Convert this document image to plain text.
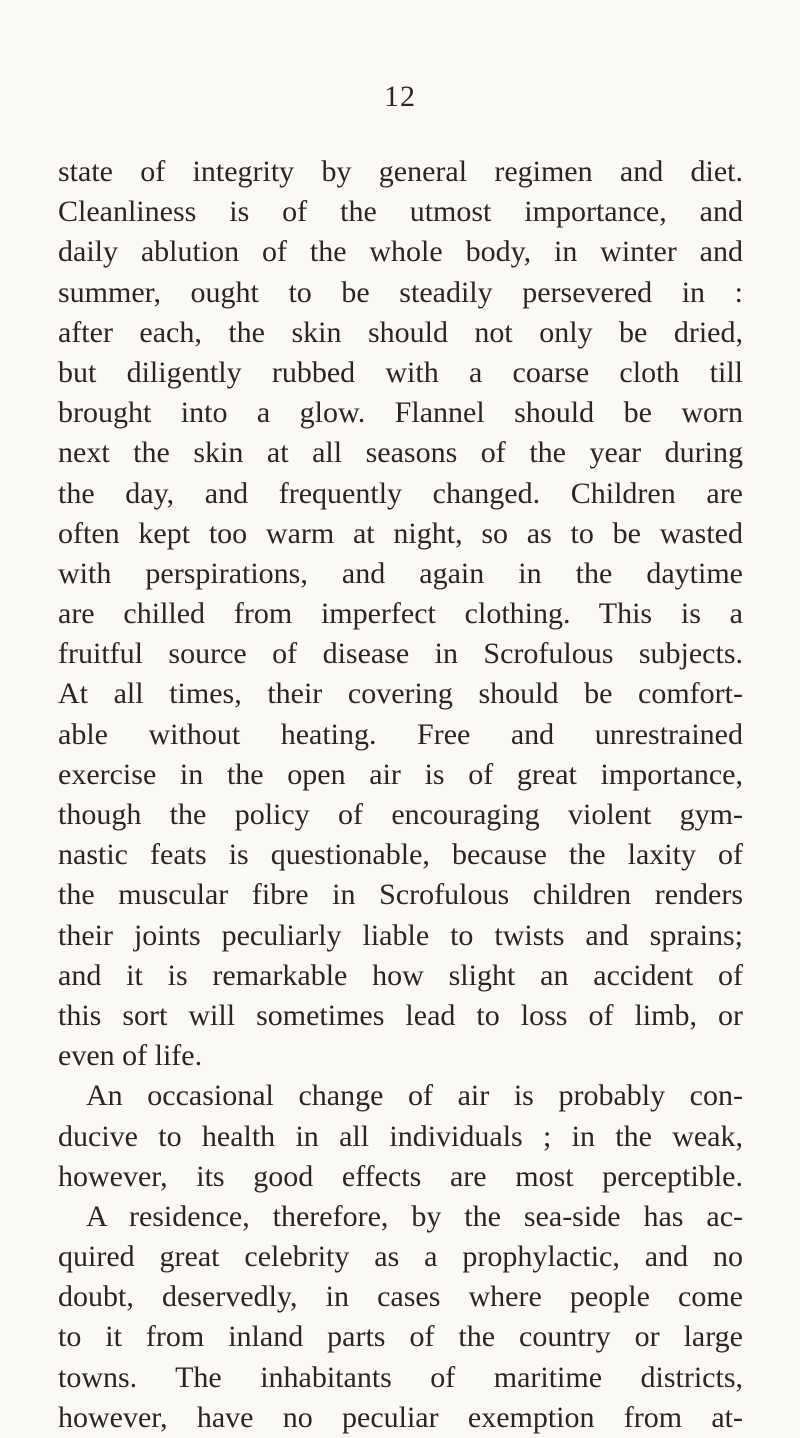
12
state of integrity by general regimen and diet.
Cleanliness is of the utmost importance, and
daily ablution of the whole body, in winter and
summer, ought to be steadily persevered in :
after each, the skin should not only be dried,
but diligently rubbed with a coarse cloth till
brought into a glow. Flannel should be worn
next the skin at all seasons of the year during
the day, and frequently changed. Children are
often kept too warm at night, so as to be wasted
with perspirations, and again in the daytime
are chilled from imperfect clothing. This is a
fruitful source of disease in Scrofulous subjects.
At all times, their covering should be comfort-
able without heating. Free and unrestrained
exercise in the open air is of great importance,
though the policy of encouraging violent gym-
nastic feats is questionable, because the laxity of
the muscular fibre in Scrofulous children renders
their joints peculiarly liable to twists and sprains;
and it is remarkable how slight an accident of
this sort will sometimes lead to loss of limb, or
even of life.
An occasional change of air is probably con-
ducive to health in all individuals ; in the weak,
however, its good effects are most perceptible.
A residence, therefore, by the sea-side has ac-
quired great celebrity as a prophylactic, and no
doubt, deservedly, in cases where people come
to it from inland parts of the country or large
towns. The inhabitants of maritime districts,
however, have no peculiar exemption from at-
